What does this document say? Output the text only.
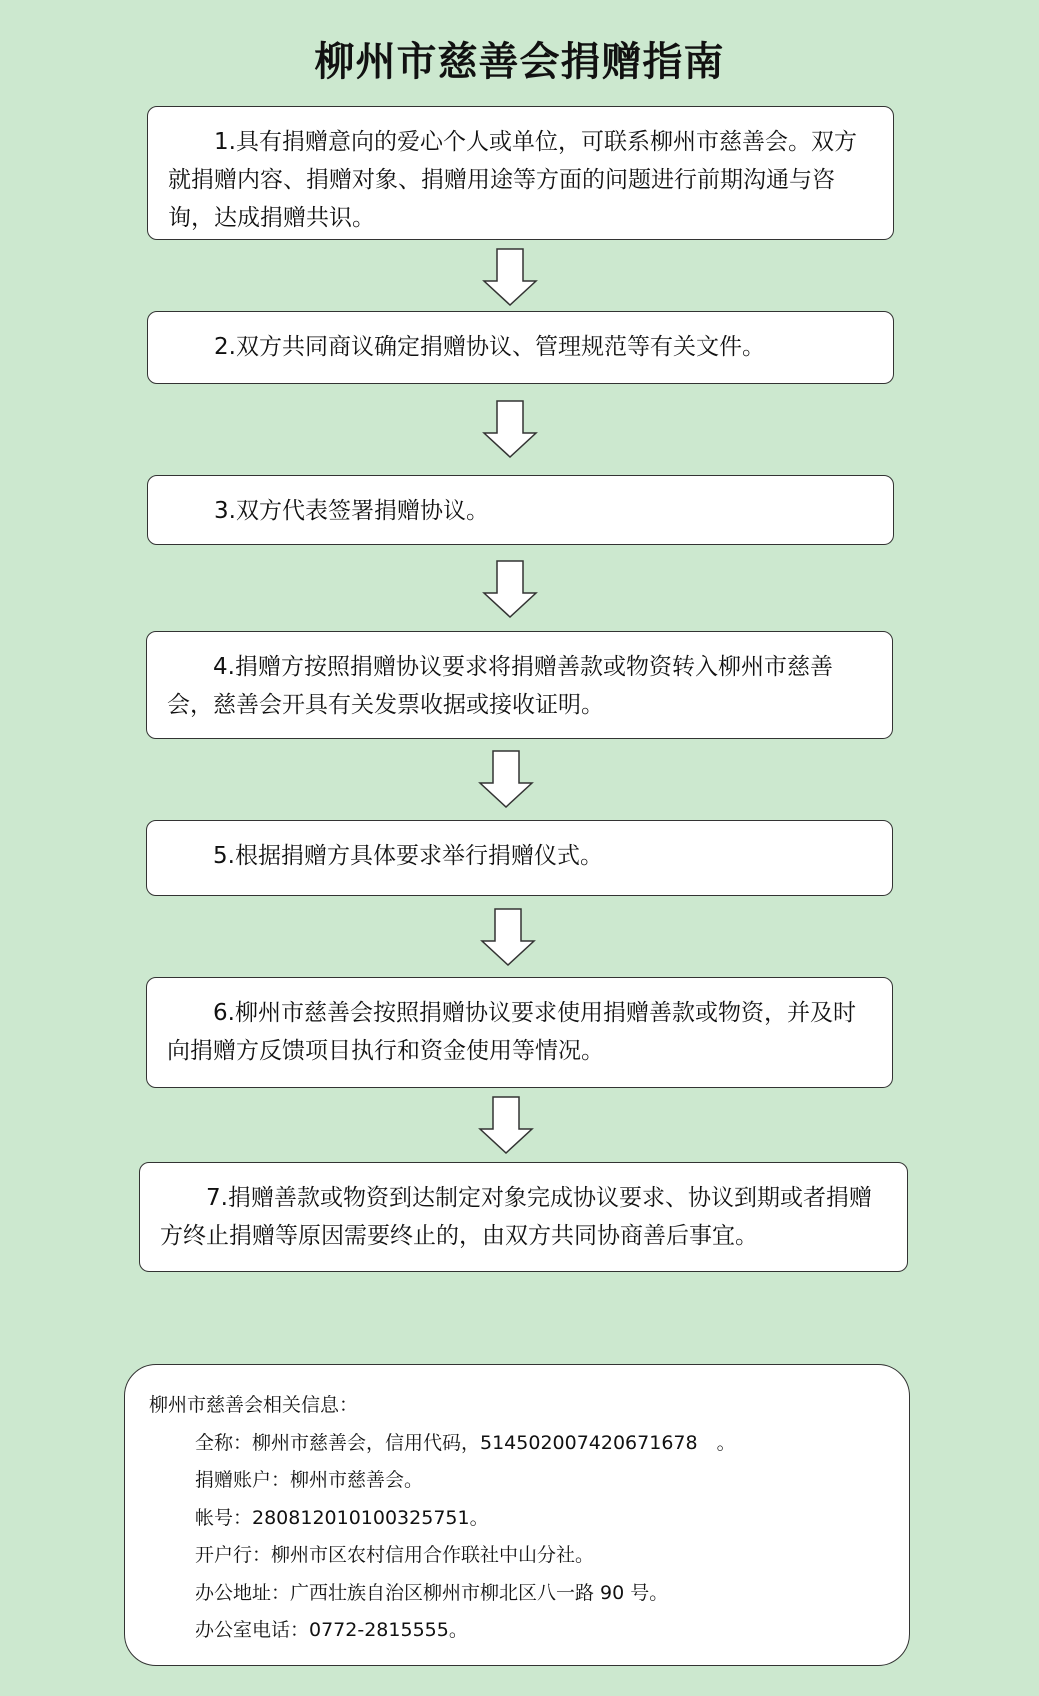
柳州市慈善会捐赠指南
1.具有捐赠意向的爱心个人或单位，可联系柳州市慈善会。双方就捐赠内容、捐赠对象、捐赠用途等方面的问题进行前期沟通与咨询，达成捐赠共识。
2.双方共同商议确定捐赠协议、管理规范等有关文件。
3.双方代表签署捐赠协议。
4.捐赠方按照捐赠协议要求将捐赠善款或物资转入柳州市慈善会，慈善会开具有关发票收据或接收证明。
5.根据捐赠方具体要求举行捐赠仪式。
6.柳州市慈善会按照捐赠协议要求使用捐赠善款或物资，并及时向捐赠方反馈项目执行和资金使用等情况。
7.捐赠善款或物资到达制定对象完成协议要求、协议到期或者捐赠方终止捐赠等原因需要终止的，由双方共同协商善后事宜。
柳州市慈善会相关信息：
全称：柳州市慈善会，信用代码，514502007420671678　。
捐赠账户：柳州市慈善会。
帐号：280812010100325751。
开户行：柳州市区农村信用合作联社中山分社。
办公地址：广西壮族自治区柳州市柳北区八一路 90 号。
办公室电话：0772-2815555。
